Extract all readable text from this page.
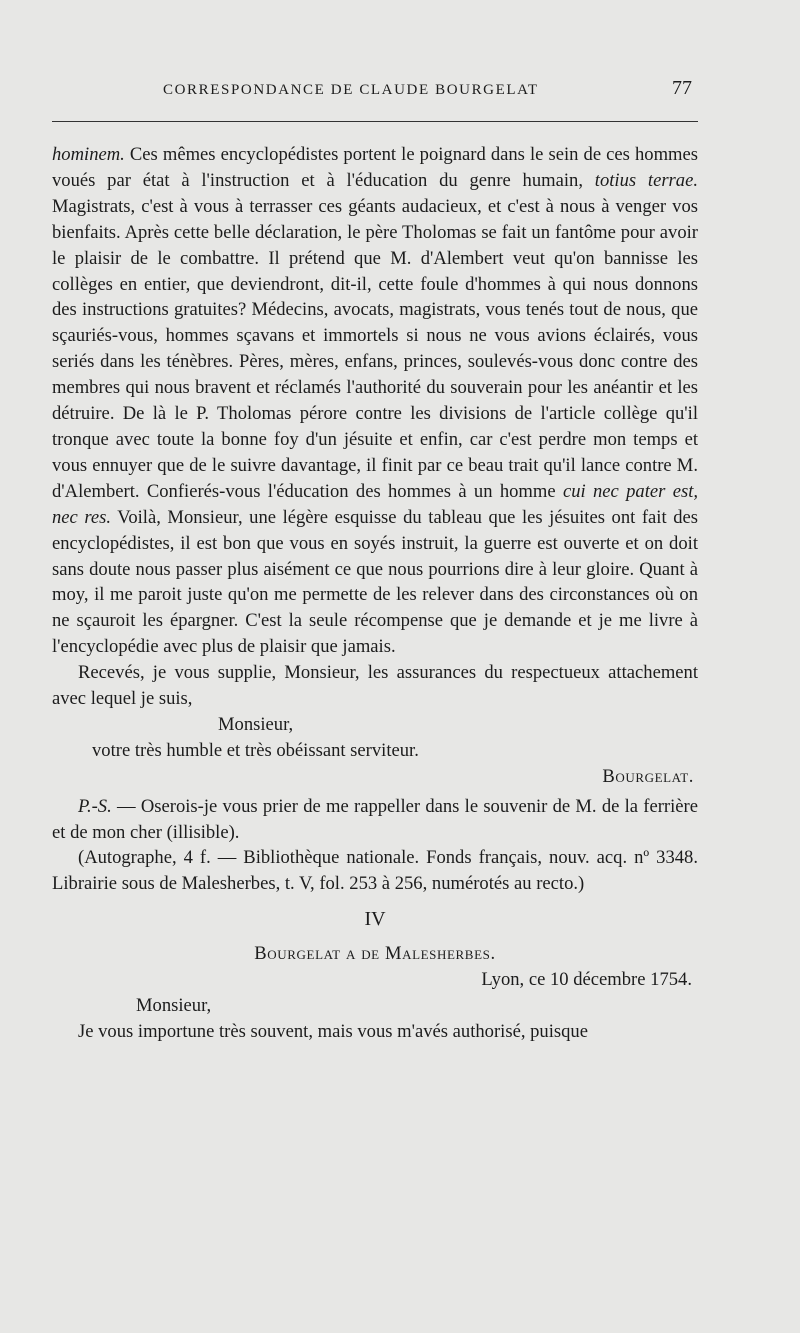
CORRESPONDANCE DE CLAUDE BOURGELAT	77

hominem. Ces mêmes encyclopédistes portent le poignard dans le sein de ces hommes voués par état à l'instruction et à l'éducation du genre humain, totius terrae. Magistrats, c'est à vous à terrasser ces géants audacieux, et c'est à nous à venger vos bienfaits. Après cette belle déclaration, le père Tholomas se fait un fantôme pour avoir le plaisir de le combattre. Il prétend que M. d'Alembert veut qu'on bannisse les collèges en entier, que deviendront, dit-il, cette foule d'hommes à qui nous donnons des instructions gratuites? Médecins, avocats, magistrats, vous tenés tout de nous, que sçauriés-vous, hommes sçavans et immortels si nous ne vous avions éclairés, vous seriés dans les ténèbres. Pères, mères, enfans, princes, soulevés-vous donc contre des membres qui nous bravent et réclamés l'authorité du souverain pour les anéantir et les détruire. De là le P. Tholomas pérore contre les divisions de l'article collège qu'il tronque avec toute la bonne foy d'un jésuite et enfin, car c'est perdre mon temps et vous ennuyer que de le suivre davantage, il finit par ce beau trait qu'il lance contre M. d'Alembert. Confierés-vous l'éducation des hommes à un homme cui nec pater est, nec res. Voilà, Monsieur, une légère esquisse du tableau que les jésuites ont fait des encyclopédistes, il est bon que vous en soyés instruit, la guerre est ouverte et on doit sans doute nous passer plus aisément ce que nous pourrions dire à leur gloire. Quant à moy, il me paroit juste qu'on me permette de les relever dans des circonstances où on ne sçauroit les épargner. C'est la seule récompense que je demande et je me livre à l'encyclopédie avec plus de plaisir que jamais.

Recevés, je vous supplie, Monsieur, les assurances du respectueux attachement avec lequel je suis,

Monsieur,

votre très humble et très obéissant serviteur.

Bourgelat.

P.-S. — Oserois-je vous prier de me rappeller dans le souvenir de M. de la ferrière et de mon cher (illisible).

(Autographe, 4 f. — Bibliothèque nationale. Fonds français, nouv. acq. nº 3348. Librairie sous de Malesherbes, t. V, fol. 253 à 256, numérotés au recto.)

IV

Bourgelat a de Malesherbes.

Lyon, ce 10 décembre 1754.

Monsieur,

Je vous importune très souvent, mais vous m'avés authorisé, puisque
